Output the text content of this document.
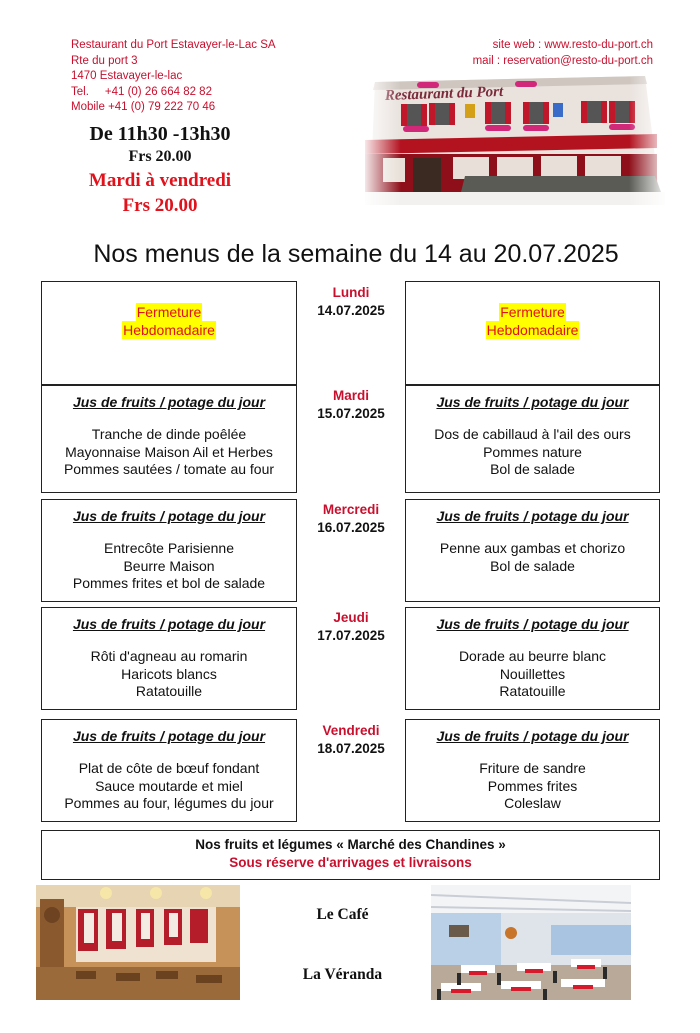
Restaurant du Port Estavayer-le-Lac SA
Rte du port 3
1470 Estavayer-le-lac
Tel.     +41 (0) 26 664 82 82
Mobile +41 (0) 79 222 70 46
site web : www.resto-du-port.ch
mail : reservation@resto-du-port.ch
De 11h30 -13h30
Frs 20.00
Mardi à vendredi
Frs 20.00
Nos menus de la semaine du 14 au 20.07.2025
Fermeture
Hebdomadaire
Lundi
14.07.2025	Fermeture
Hebdomadaire
Jus de fruits / potage du jour
Tranche de dinde poêlée
Mayonnaise Maison Ail et Herbes
Pommes sautées / tomate au four
Mardi
15.07.2025
Jus de fruits / potage du jour
Dos de cabillaud à l'ail des ours
Pommes nature
Bol de salade
Jus de fruits / potage du jour
Entrecôte Parisienne
Beurre Maison
Pommes frites et bol de salade
Mercredi
16.07.2025
Jus de fruits / potage du jour
Penne aux gambas et chorizo
Bol de salade
Jus de fruits / potage du jour
Rôti d'agneau au romarin
Haricots blancs
Ratatouille
Jeudi
17.07.2025
Jus de fruits / potage du jour
Dorade au beurre blanc
Nouillettes
Ratatouille
Jus de fruits / potage du jour
Plat de côte de bœuf fondant
Sauce moutarde et miel
Pommes au four, légumes du jour
Vendredi
18.07.2025
Jus de fruits / potage du jour
Friture de sandre
Pommes frites
Coleslaw
Nos fruits et légumes « Marché des Chandines »
Sous réserve d'arrivages et livraisons
Le Café
La Véranda
